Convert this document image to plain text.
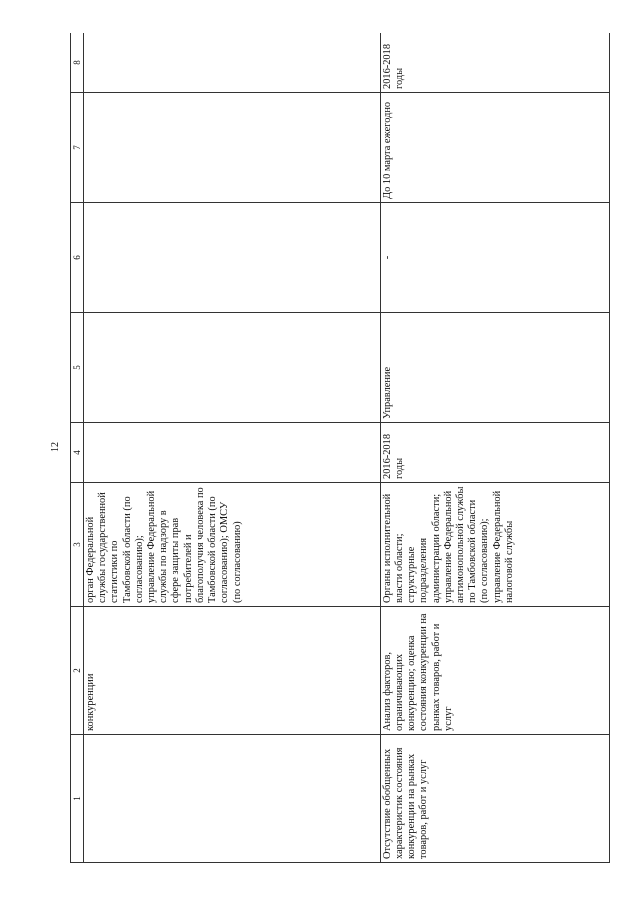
12
1	2	3	4	5	6	7	8
	конкуренции	орган Федеральной службы государственной статистики по Тамбовской области (по согласованию); управление Федеральной службы по надзору в сфере защиты прав потребителей и благополучия человека по Тамбовской области (по согласованию); ОМСУ (по согласованию)					
Отсутствие обобщенных характеристик состояния конкуренции на рынках товаров, работ и услуг	Анализ факторов, ограничивающих конкуренцию; оценка состояния конкуренции на рынках товаров, работ и услуг	Органы исполнительной власти области; структурные подразделения администрации области; управление Федеральной антимонопольной службы по Тамбовской области (по согласованию); управление Федеральной налоговой службы	2016-2018 годы	Управление	-	До 10 марта ежегодно	2016-2018 годы
